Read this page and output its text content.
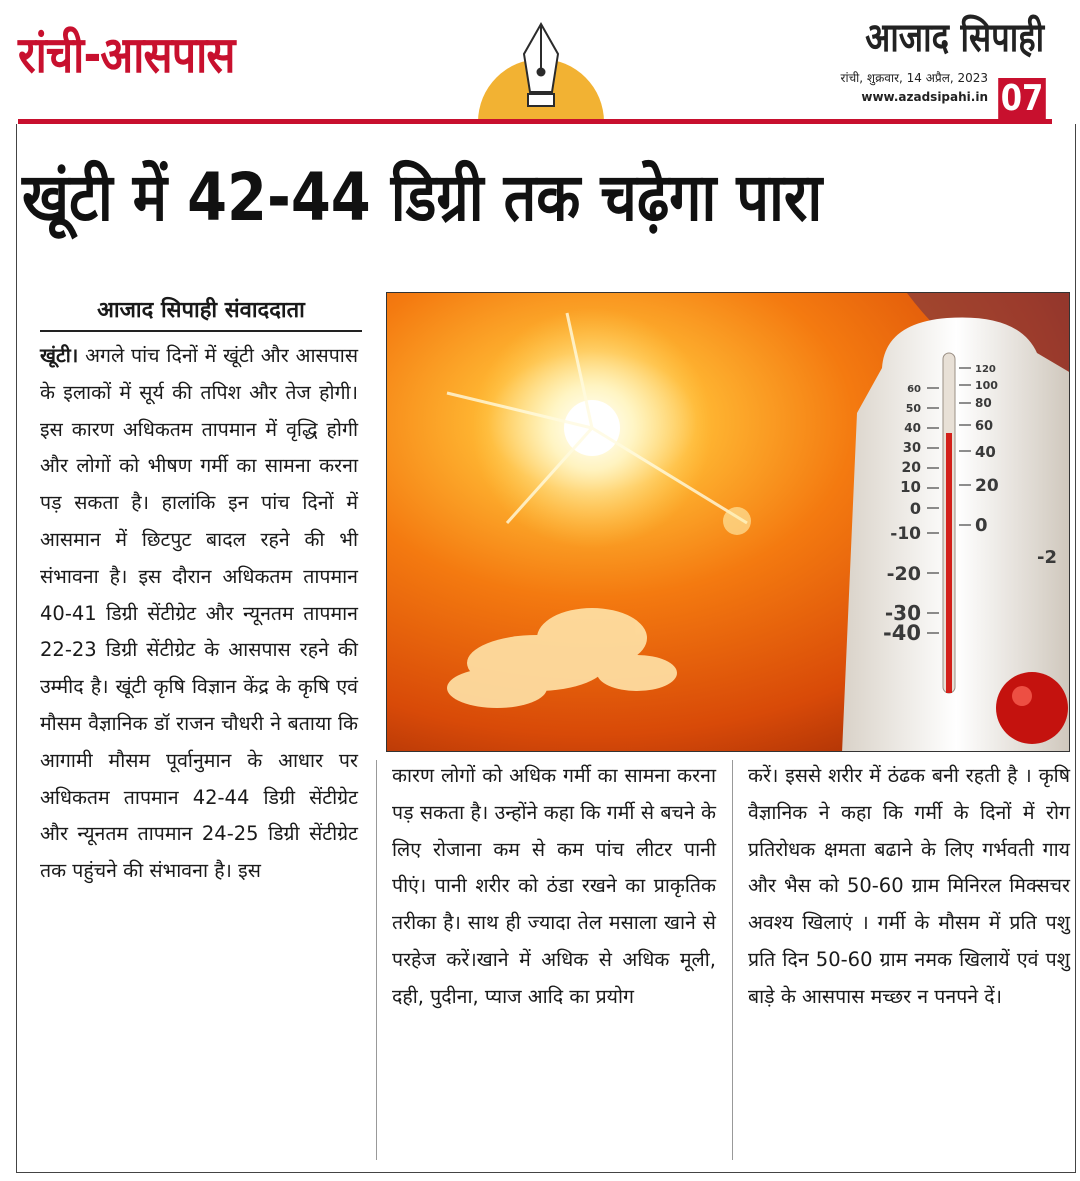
रांची-आसपास	आजाद सिपाही
रांची, शुक्रवार, 14 अप्रैल, 2023
www.azadsipahi.in 07
खूंटी में 42-44 डिग्री तक चढ़ेगा पारा
आजाद सिपाही संवाददाता
खूंटी। अगले पांच दिनों में खूंटी और आसपास के इलाकों में सूर्य की तपिश और तेज होगी। इस कारण अधिकतम तापमान में वृद्धि होगी और लोगों को भीषण गर्मी का सामना करना पड़ सकता है। हालांकि इन पांच दिनों में आसमान में छिटपुट बादल रहने की भी संभावना है। इस दौरान अधिकतम तापमान 40-41 डिग्री सेंटीग्रेट और न्यूनतम तापमान 22-23 डिग्री सेंटीग्रेट के आसपास रहने की उम्मीद है। खूंटी कृषि विज्ञान केंद्र के कृषि एवं मौसम वैज्ञानिक डॉ राजन चौधरी ने बताया कि आगामी मौसम पूर्वानुमान के आधार पर अधिकतम तापमान 42-44 डिग्री सेंटीग्रेट और न्यूनतम तापमान 24-25 डिग्री सेंटीग्रेट तक पहुंचने की संभावना है। इस
60
50
40
30
20
10
0
-10
-20
-30
-40
120
100
80
60
40
20
0
-2
कारण लोगों को अधिक गर्मी का सामना करना पड़ सकता है। उन्होंने कहा कि गर्मी से बचने के लिए रोजाना कम से कम पांच लीटर पानी पीएं। पानी शरीर को ठंडा रखने का प्राकृतिक तरीका है। साथ ही ज्यादा तेल मसाला खाने से परहेज करें।खाने में अधिक से अधिक मूली, दही, पुदीना, प्याज आदि का प्रयोग
करें। इससे शरीर में ठंढक बनी रहती है । कृषि वैज्ञानिक ने कहा कि गर्मी के दिनों में रोग प्रतिरोधक क्षमता बढाने के लिए गर्भवती गाय और भैस को 50-60 ग्राम मिनिरल मिक्सचर अवश्य खिलाएं । गर्मी के मौसम में प्रति पशु प्रति दिन 50-60 ग्राम नमक खिलायें एवं पशु बाड़े के आसपास मच्छर न पनपने दें।
